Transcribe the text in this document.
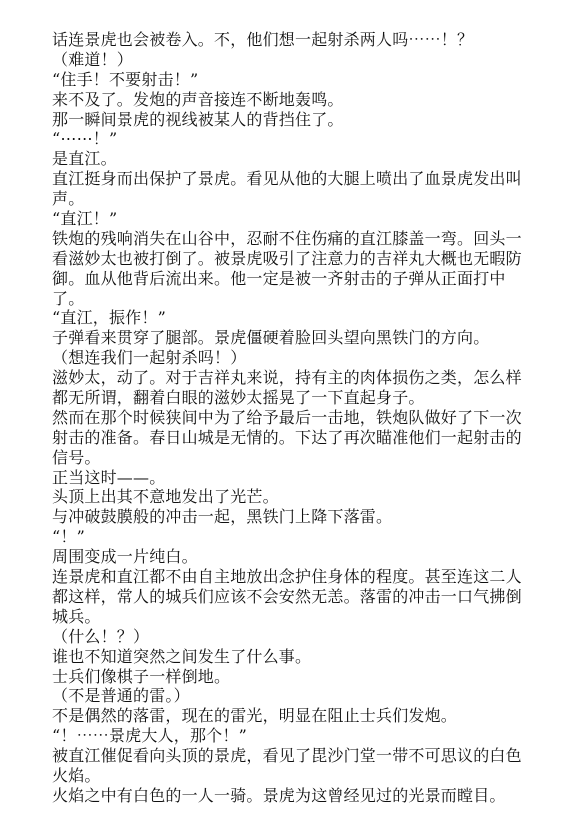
话连景虎也会被卷入。不，他们想一起射杀两人吗⋯⋯！？
（难道！）
“住手！不要射击！”
来不及了。发炮的声音接连不断地轰鸣。
那一瞬间景虎的视线被某人的背挡住了。
“⋯⋯！”
是直江。
直江挺身而出保护了景虎。看见从他的大腿上喷出了血景虎发出叫
声。
“直江！”
铁炮的残响消失在山谷中，忍耐不住伤痛的直江膝盖一弯。回头一
看滋妙太也被打倒了。被景虎吸引了注意力的吉祥丸大概也无暇防
御。血从他背后流出来。他一定是被一齐射击的子弹从正面打中
了。
“直江，振作！”
子弹看来贯穿了腿部。景虎僵硬着脸回头望向黑铁门的方向。
（想连我们一起射杀吗！）
滋妙太，动了。对于吉祥丸来说，持有主的肉体损伤之类，怎么样
都无所谓，翻着白眼的滋妙太摇晃了一下直起身子。
然而在那个时候狭间中为了给予最后一击地，铁炮队做好了下一次
射击的准备。春日山城是无情的。下达了再次瞄准他们一起射击的
信号。
正当这时——。
头顶上出其不意地发出了光芒。
与冲破鼓膜般的冲击一起，黑铁门上降下落雷。
“！”
周围变成一片纯白。
连景虎和直江都不由自主地放出念护住身体的程度。甚至连这二人
都这样，常人的城兵们应该不会安然无恙。落雷的冲击一口气拂倒
城兵。
（什么！？）
谁也不知道突然之间发生了什么事。
士兵们像棋子一样倒地。
（不是普通的雷。）
不是偶然的落雷，现在的雷光，明显在阻止士兵们发炮。
“！⋯⋯景虎大人，那个！”
被直江催促看向头顶的景虎，看见了毘沙门堂一带不可思议的白色
火焰。
火焰之中有白色的一人一骑。景虎为这曾经见过的光景而瞠目。
